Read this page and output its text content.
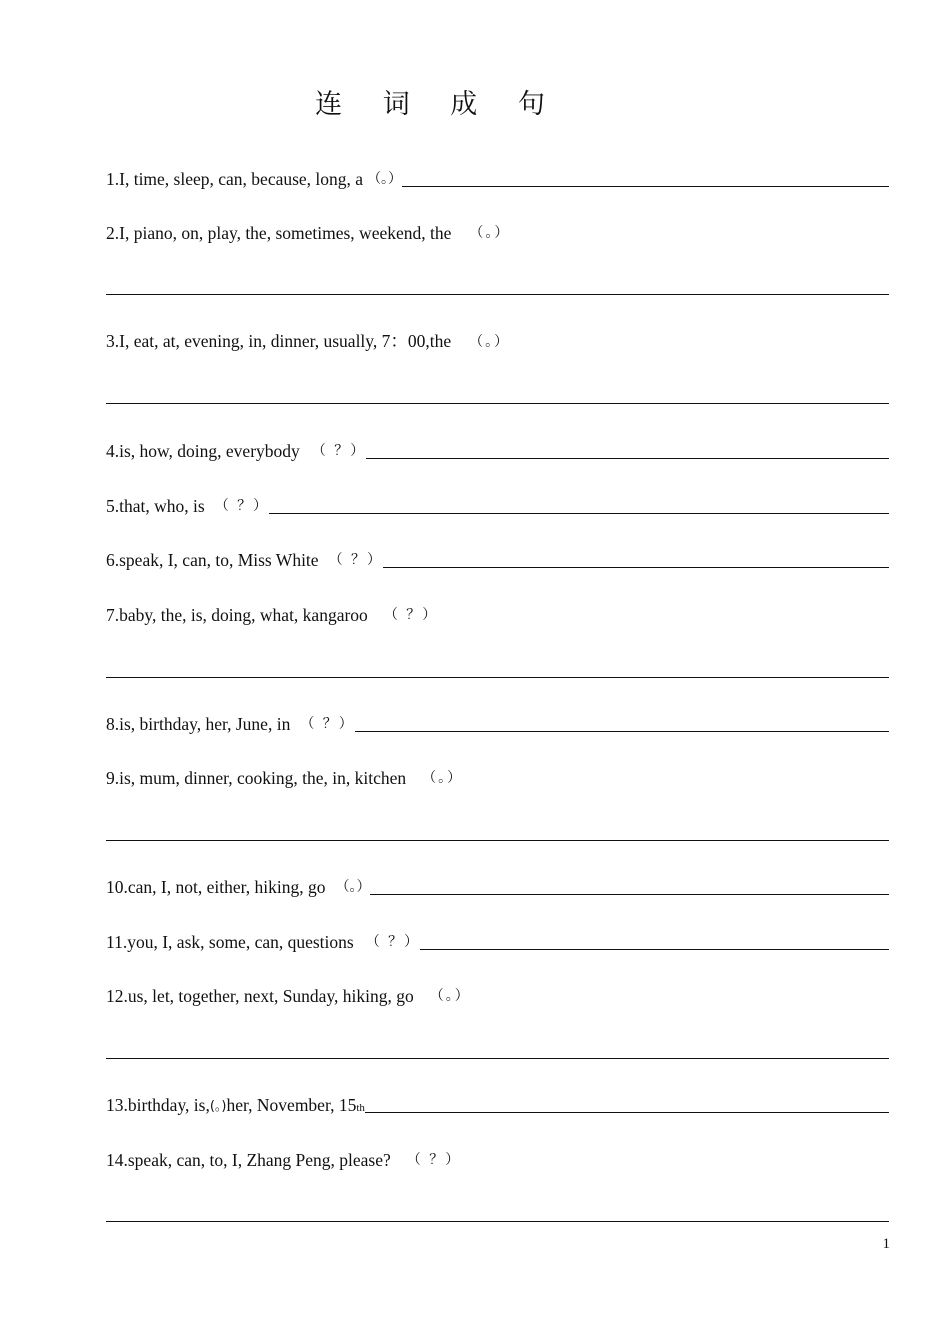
连 词 成 句
1.I, time, sleep, can, because, long, a （。）
2.I, piano, on, play, the, sometimes, weekend, the （。）
3.I, eat, at, evening, in, dinner, usually, 7：00,the （。）
4.is, how, doing, everybody （ ？）
5.that, who, is （ ？）
6.speak, I, can, to, Miss White （ ？）
7.baby, the, is, doing, what, kangaroo （ ？）
8.is, birthday, her, June, in （ ？）
9.is, mum, dinner, cooking, the, in, kitchen （。）
10.can, I, not, either, hiking, go （。）
11.you, I, ask, some, can, questions （ ？）
12.us, let, together, next, Sunday, hiking, go （。）
13.birthday, is, (。) her, November, 15 th
14.speak, can, to, I, Zhang Peng, please? （ ？）
1
